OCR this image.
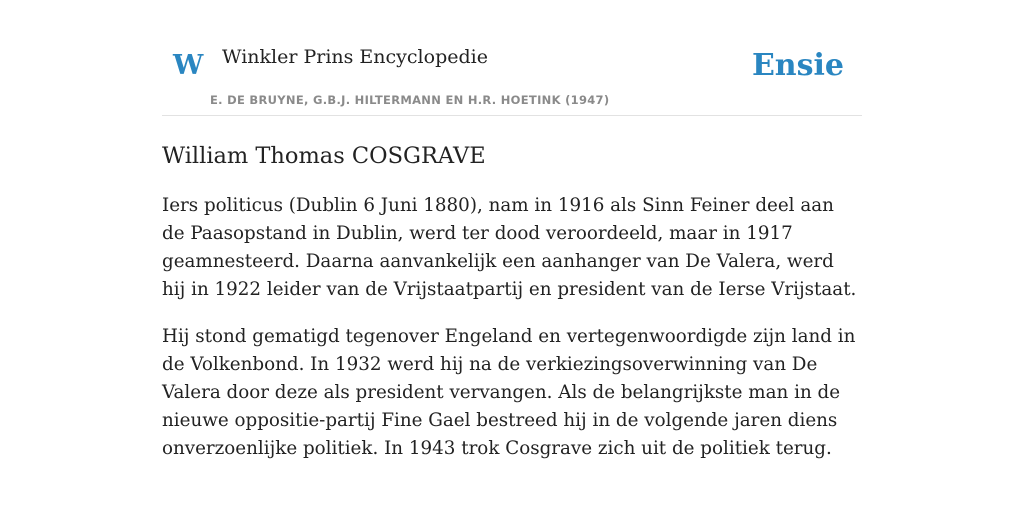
W Winkler Prins Encyclopedie
E. DE BRUYNE, G.B.J. HILTERMANN EN H.R. HOETINK (1947)
Ensie
William Thomas COSGRAVE

Iers politicus (Dublin 6 Juni 1880), nam in 1916 als Sinn Feiner deel aan de Paasopstand in Dublin, werd ter dood veroordeeld, maar in 1917 geamnesteerd. Daarna aanvankelijk een aanhanger van De Valera, werd hij in 1922 leider van de Vrijstaatpartij en president van de Ierse Vrijstaat.

Hij stond gematigd tegenover Engeland en vertegenwoordigde zijn land in de Volkenbond. In 1932 werd hij na de verkiezingsoverwinning van De Valera door deze als president vervangen. Als de belangrijkste man in de nieuwe oppositie-partij Fine Gael bestreed hij in de volgende jaren diens onverzoenlijke politiek. In 1943 trok Cosgrave zich uit de politiek terug.
